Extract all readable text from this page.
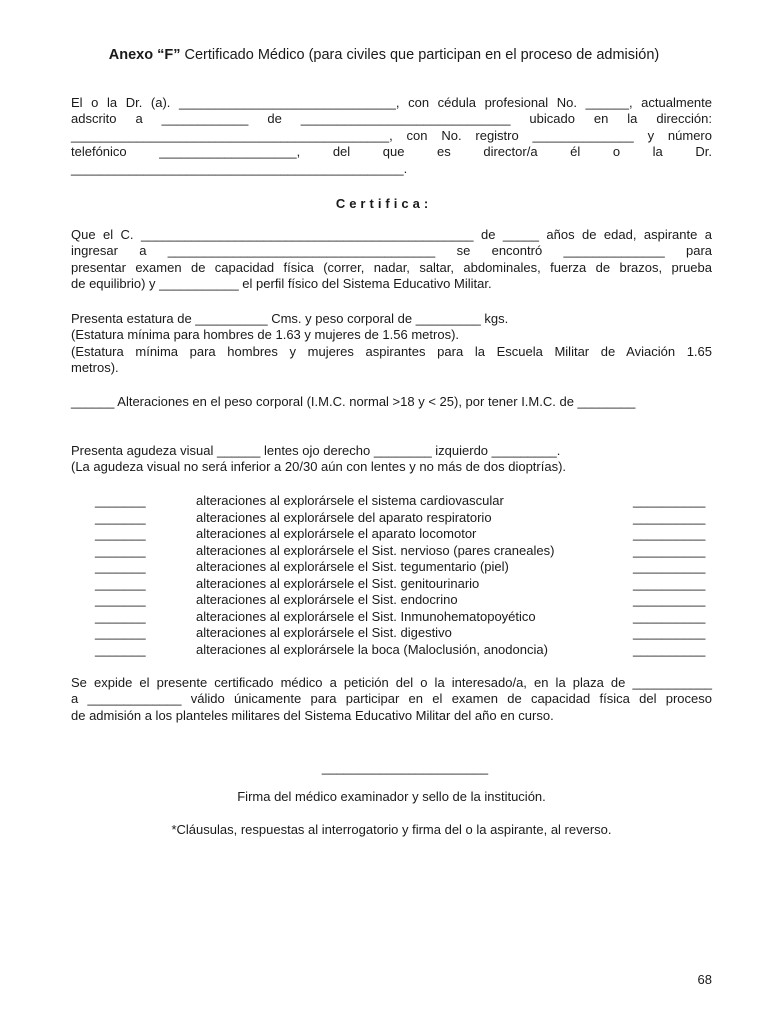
Anexo “F” Certificado Médico (para civiles que participan en el proceso de admisión)

El o la Dr. (a). ______________________________, con cédula profesional No. ______, actualmente

adscrito a ____________ de _____________________________ ubicado en la dirección:

____________________________________________, con No. registro ______________ y número

telefónico ___________________, del que es director/a él o la Dr.

______________________________________________.

Certifica:

Que el C. ______________________________________________ de _____ años de edad, aspirante a

ingresar a _____________________________________ se encontró ______________ para

presentar examen de capacidad física (correr, nadar, saltar, abdominales, fuerza de brazos, prueba

de equilibrio) y ___________ el perfil físico del Sistema Educativo Militar.

Presenta estatura de __________ Cms. y peso corporal de _________ kgs.

(Estatura mínima para hombres de 1.63 y mujeres de 1.56 metros).

(Estatura mínima para hombres y mujeres aspirantes para la Escuela Militar de Aviación 1.65

metros).

______ Alteraciones en el peso corporal (I.M.C. normal >18 y < 25), por tener I.M.C. de ________

Presenta agudeza visual ______ lentes ojo derecho ________ izquierdo _________.

(La agudeza visual no será inferior a 20/30 aún con lentes y no más de dos dioptrías).

_______	alteraciones al explorársele el sistema cardiovascular	__________
_______	alteraciones al explorársele del aparato respiratorio	__________
_______	alteraciones al explorársele el aparato locomotor	__________
_______	alteraciones al explorársele el Sist. nervioso (pares craneales)	__________
_______	alteraciones al explorársele el Sist. tegumentario (piel)	__________
_______	alteraciones al explorársele el Sist. genitourinario	__________
_______	alteraciones al explorársele el Sist. endocrino	__________
_______	alteraciones al explorársele el Sist. Inmunohematopoyético	__________
_______	alteraciones al explorársele el Sist. digestivo	__________
_______	alteraciones al explorársele la boca (Maloclusión, anodoncia)	__________

Se expide el presente certificado médico a petición del o la interesado/a, en la plaza de ___________

a _____________ válido únicamente para participar en el examen de capacidad física del proceso

de admisión a los planteles militares del Sistema Educativo Militar del año en curso.

_______________________

Firma del médico examinador y sello de la institución.

*Cláusulas, respuestas al interrogatorio y firma del o la aspirante, al reverso.

68
